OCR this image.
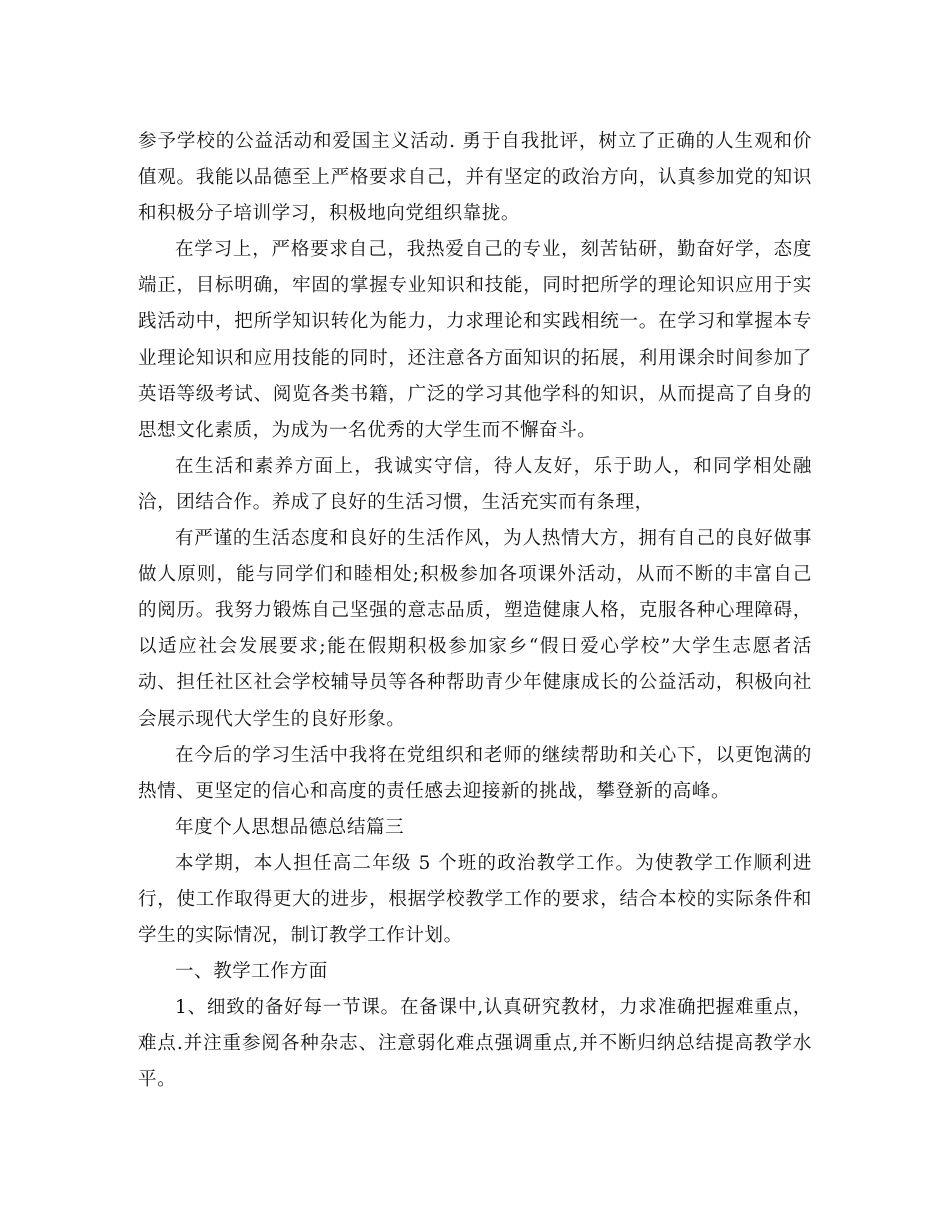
参予学校的公益活动和爱国主义活动. 勇于自我批评，树立了正确的人生观和价值观。我能以品德至上严格要求自己，并有坚定的政治方向，认真参加党的知识和积极分子培训学习，积极地向党组织靠拢。

在学习上，严格要求自己，我热爱自己的专业，刻苦钻研，勤奋好学，态度端正，目标明确，牢固的掌握专业知识和技能，同时把所学的理论知识应用于实践活动中，把所学知识转化为能力，力求理论和实践相统一。在学习和掌握本专业理论知识和应用技能的同时，还注意各方面知识的拓展，利用课余时间参加了英语等级考试、阅览各类书籍，广泛的学习其他学科的知识，从而提高了自身的思想文化素质，为成为一名优秀的大学生而不懈奋斗。

在生活和素养方面上，我诚实守信，待人友好，乐于助人，和同学相处融洽，团结合作。养成了良好的生活习惯，生活充实而有条理，

有严谨的生活态度和良好的生活作风，为人热情大方，拥有自己的良好做事做人原则，能与同学们和睦相处;积极参加各项课外活动，从而不断的丰富自己的阅历。我努力锻炼自己坚强的意志品质，塑造健康人格，克服各种心理障碍，以适应社会发展要求;能在假期积极参加家乡“假日爱心学校”大学生志愿者活动、担任社区社会学校辅导员等各种帮助青少年健康成长的公益活动，积极向社会展示现代大学生的良好形象。

在今后的学习生活中我将在党组织和老师的继续帮助和关心下，以更饱满的热情、更坚定的信心和高度的责任感去迎接新的挑战，攀登新的高峰。

年度个人思想品德总结篇三

本学期，本人担任高二年级 5 个班的政治教学工作。为使教学工作顺利进行，使工作取得更大的进步，根据学校教学工作的要求，结合本校的实际条件和学生的实际情况，制订教学工作计划。

一、教学工作方面

1、细致的备好每一节课。在备课中,认真研究教材，力求准确把握难重点，难点.并注重参阅各种杂志、注意弱化难点强调重点,并不断归纳总结提高教学水平。
